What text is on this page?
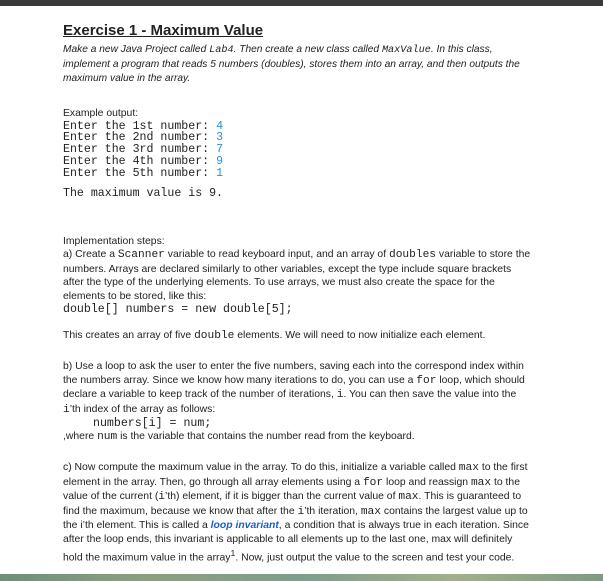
Exercise 1 - Maximum Value

Make a new Java Project called Lab4. Then create a new class called MaxValue. In this class, implement a program that reads 5 numbers (doubles), stores them into an array, and then outputs the maximum value in the array.

Example output:
Enter the 1st number: 4
Enter the 2nd number: 3
Enter the 3rd number: 7
Enter the 4th number: 9
Enter the 5th number: 1
The maximum value is 9.
Implementation steps:

a) Create a Scanner variable to read keyboard input, and an array of doubles variable to store the numbers. Arrays are declared similarly to other variables, except the type include square brackets after the type of the underlying elements. To use arrays, we must also create the space for the elements to be stored, like this:

double[] numbers = new double[5];

This creates an array of five double elements. We will need to now initialize each element.

b) Use a loop to ask the user to enter the five numbers, saving each into the correspond index within the numbers array. Since we know how many iterations to do, you can use a for loop, which should declare a variable to keep track of the number of iterations, i. You can then save the value into the i’th index of the array as follows:

numbers[i] = num;

,where num is the variable that contains the number read from the keyboard.

c) Now compute the maximum value in the array. To do this, initialize a variable called max to the first element in the array. Then, go through all array elements using a for loop and reassign max to the value of the current (i’th) element, if it is bigger than the current value of max. This is guaranteed to find the maximum, because we know that after the i’th iteration, max contains the largest value up to the i’th element. This is called a loop invariant, a condition that is always true in each iteration. Since after the loop ends, this invariant is applicable to all elements up to the last one, max will definitely hold the maximum value in the array$^1$. Now, just output the value to the screen and test your code.
